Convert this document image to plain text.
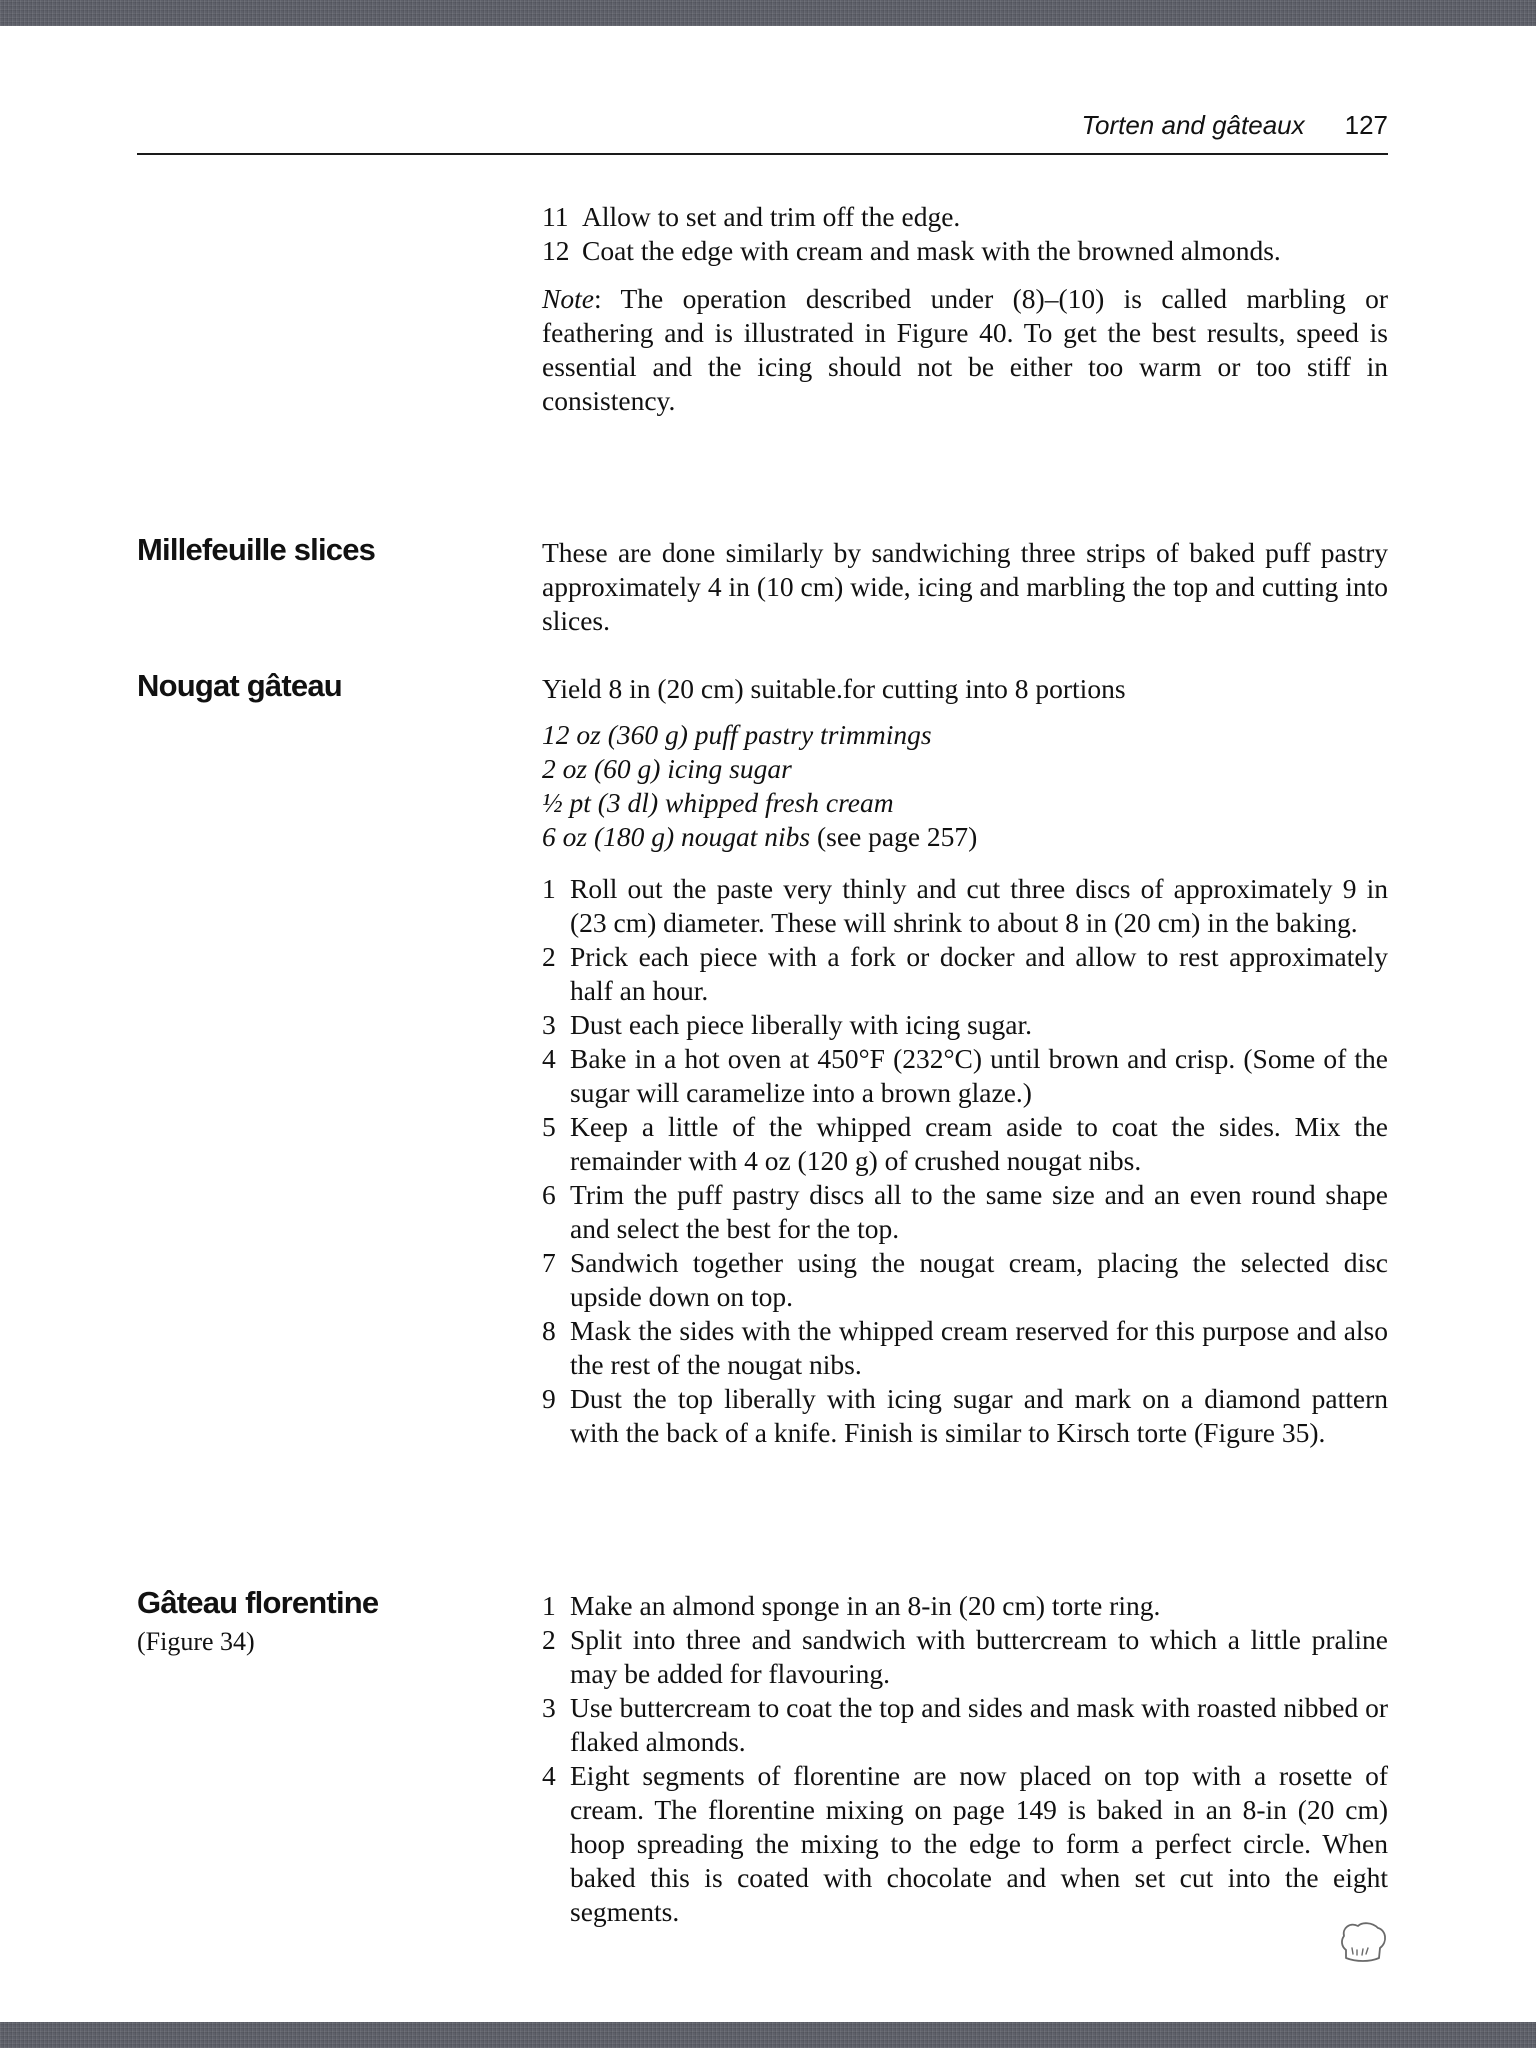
Torten and gâteaux 127
11 Allow to set and trim off the edge.
12 Coat the edge with cream and mask with the browned almonds.

Note: The operation described under (8)–(10) is called marbling or feathering and is illustrated in Figure 40. To get the best results, speed is essential and the icing should not be either too warm or too stiff in consistency.

Millefeuille slices	These are done similarly by sandwiching three strips of baked puff pastry approximately 4 in (10 cm) wide, icing and marbling the top and cutting into slices.

Nougat gâteau	Yield 8 in (20 cm) suitable.for cutting into 8 portions

12 oz (360 g) puff pastry trimmings
2 oz (60 g) icing sugar
½ pt (3 dl) whipped fresh cream
6 oz (180 g) nougat nibs (see page 257)
1 Roll out the paste very thinly and cut three discs of approximately 9 in (23 cm) diameter. These will shrink to about 8 in (20 cm) in the baking.
2 Prick each piece with a fork or docker and allow to rest approximately half an hour.
3 Dust each piece liberally with icing sugar.
4 Bake in a hot oven at 450°F (232°C) until brown and crisp. (Some of the sugar will caramelize into a brown glaze.)
5 Keep a little of the whipped cream aside to coat the sides. Mix the remainder with 4 oz (120 g) of crushed nougat nibs.
6 Trim the puff pastry discs all to the same size and an even round shape and select the best for the top.
7 Sandwich together using the nougat cream, placing the selected disc upside down on top.
8 Mask the sides with the whipped cream reserved for this purpose and also the rest of the nougat nibs.
9 Dust the top liberally with icing sugar and mark on a diamond pattern with the back of a knife. Finish is similar to Kirsch torte (Figure 35).
Gâteau florentine
(Figure 34)
1 Make an almond sponge in an 8-in (20 cm) torte ring.
2 Split into three and sandwich with buttercream to which a little praline may be added for flavouring.
3 Use buttercream to coat the top and sides and mask with roasted nibbed or flaked almonds.
4 Eight segments of florentine are now placed on top with a rosette of cream. The florentine mixing on page 149 is baked in an 8-in (20 cm) hoop spreading the mixing to the edge to form a perfect circle. When baked this is coated with chocolate and when set cut into the eight segments.
